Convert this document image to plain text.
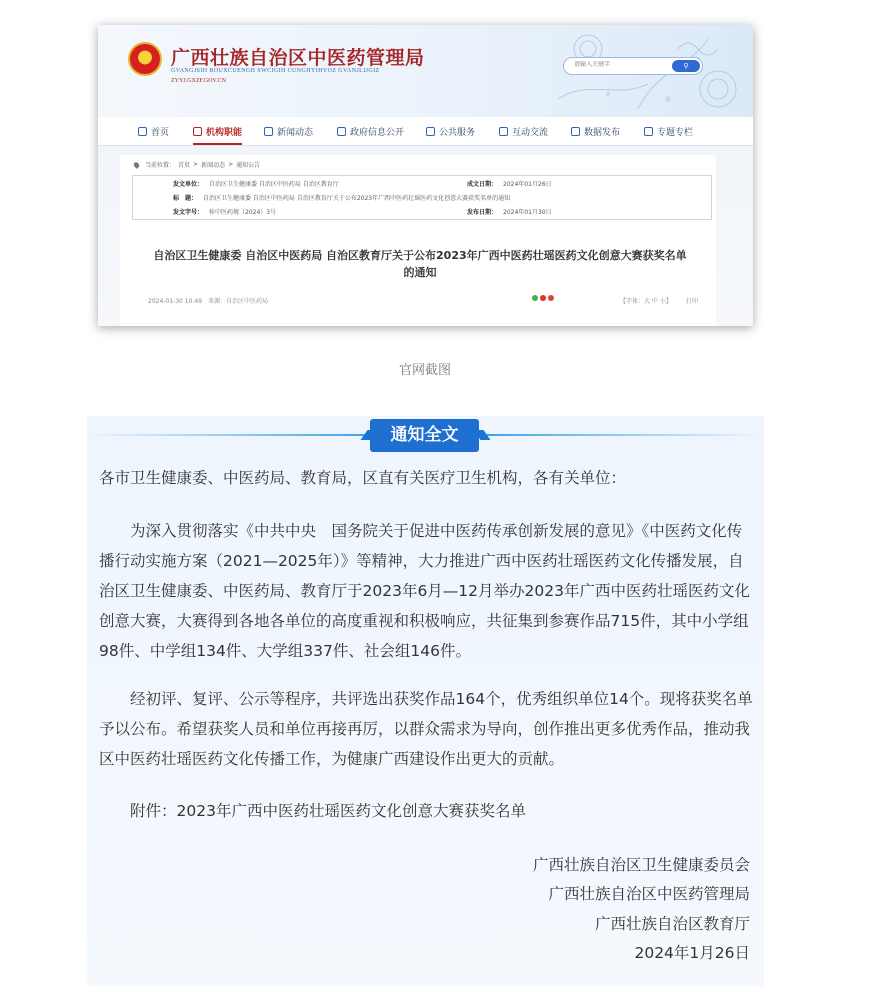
广西壮族自治区中医药管理局
GVANGJSIH BOUXCUENGH SWCIGIH CUNGHYIHYOZ GVANJLIJGIZ
ZYYJ.GXZF.GOV.CN
请输入关键字
⚲
首页	机构职能	新闻动态	政府信息公开	公共服务	互动交流	数据发布	专题专栏
当前位置： 首页 > 新闻动态 > 通知公告
发文单位： 自治区卫生健康委 自治区中医药局 自治区教育厅	成文日期： 2024年01月26日
标　题： 自治区卫生健康委 自治区中医药局 自治区教育厅关于公布2023年广西中医药壮瑶医药文化创意大赛获奖名单的通知
发文字号： 桂中医药规（2024）3号	发布日期： 2024年01月30日
自治区卫生健康委 自治区中医药局 自治区教育厅关于公布2023年广西中医药壮瑶医药文化创意大赛获奖名单的通知
2024-01-30 10:49　来源：自治区中医药局	【字体：大 中 小】 打印
官网截图
通知全文

各市卫生健康委、中医药局、教育局，区直有关医疗卫生机构，各有关单位：

为深入贯彻落实《中共中央　国务院关于促进中医药传承创新发展的意见》《中医药文化传播行动实施方案（2021—2025年）》等精神，大力推进广西中医药壮瑶医药文化传播发展，自治区卫生健康委、中医药局、教育厅于2023年6月—12月举办2023年广西中医药壮瑶医药文化创意大赛，大赛得到各地各单位的高度重视和积极响应，共征集到参赛作品715件，其中小学组98件、中学组134件、大学组337件、社会组146件。

经初评、复评、公示等程序，共评选出获奖作品164个，优秀组织单位14个。现将获奖名单予以公布。希望获奖人员和单位再接再厉，以群众需求为导向，创作推出更多优秀作品，推动我区中医药壮瑶医药文化传播工作，为健康广西建设作出更大的贡献。

附件：2023年广西中医药壮瑶医药文化创意大赛获奖名单

广西壮族自治区卫生健康委员会
广西壮族自治区中医药管理局
广西壮族自治区教育厅
2024年1月26日
